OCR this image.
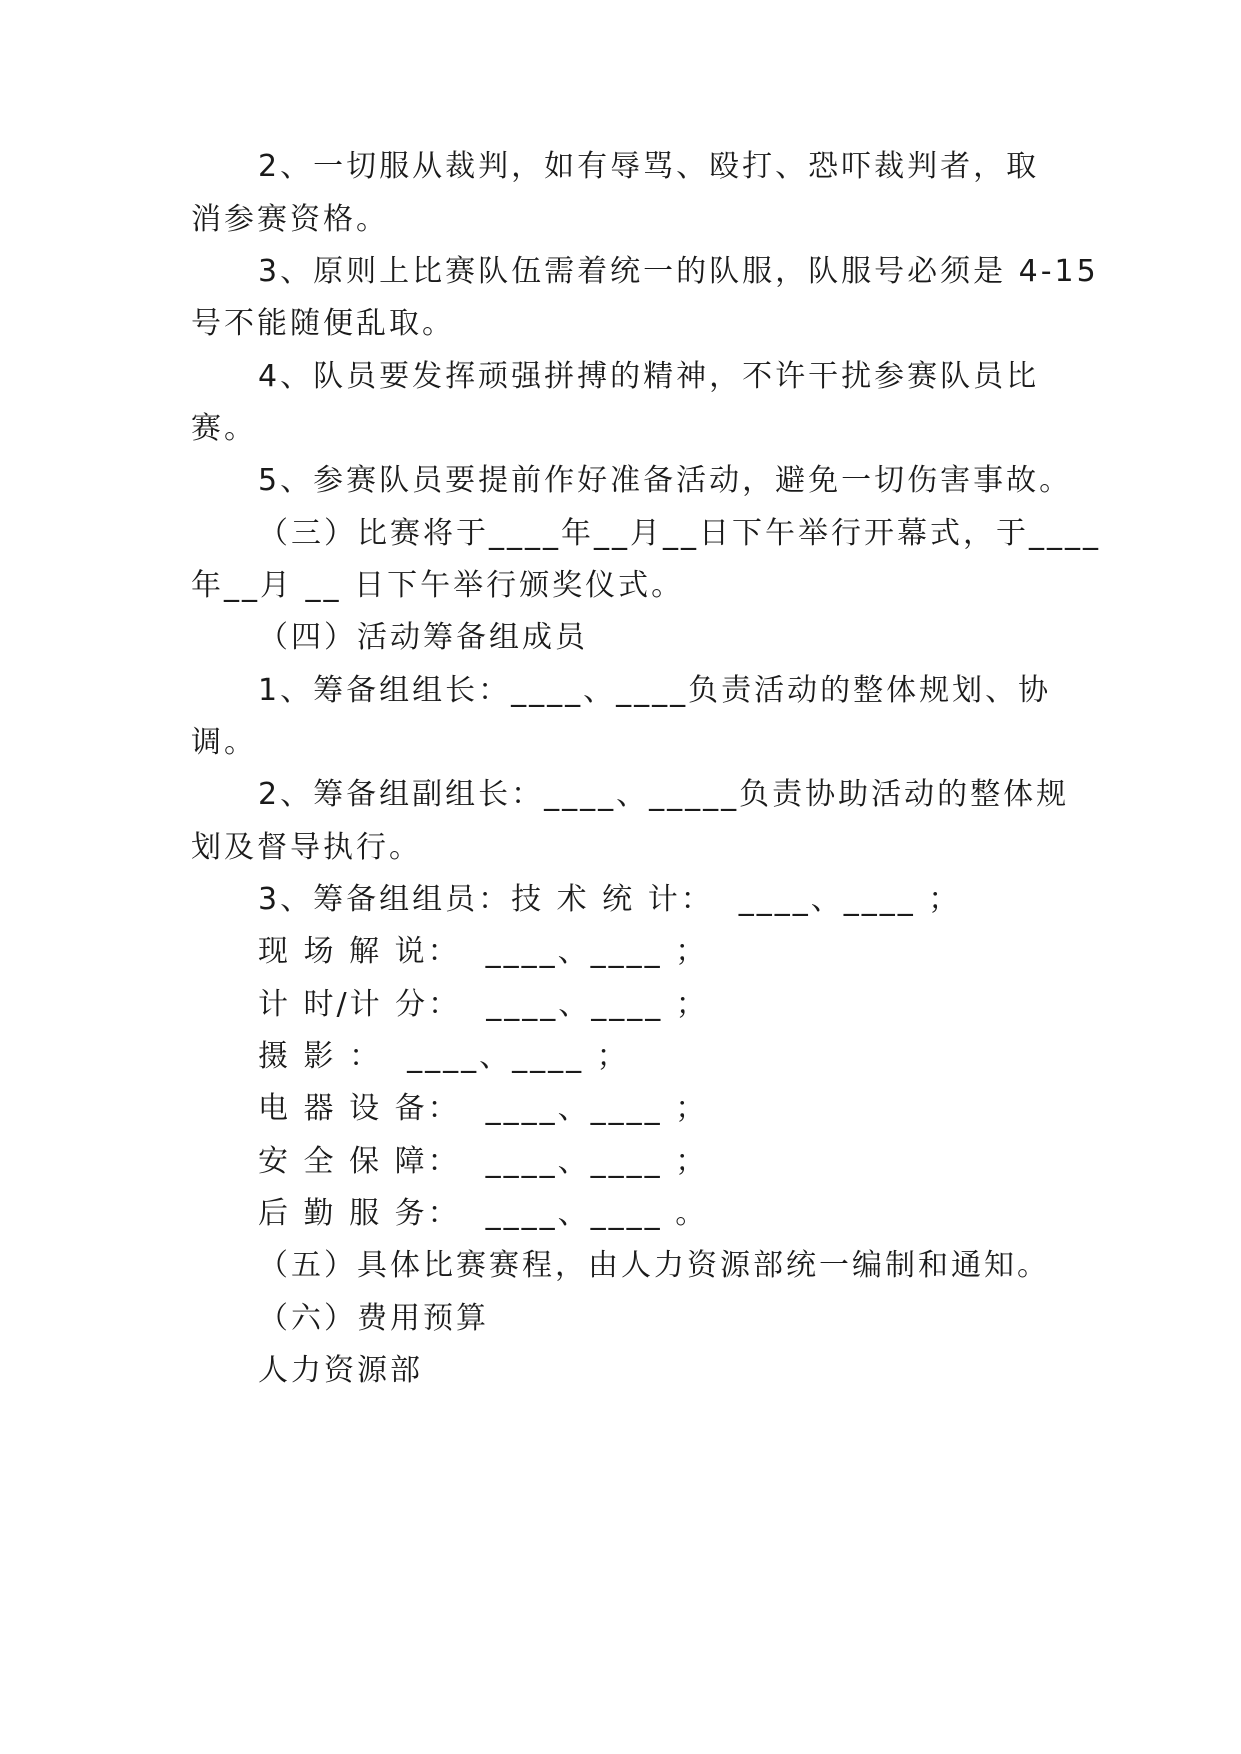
2、一切服从裁判，如有辱骂、殴打、恐吓裁判者，取
消参赛资格。
3、原则上比赛队伍需着统一的队服，队服号必须是 4-15
号不能随便乱取。
4、队员要发挥顽强拼搏的精神，不许干扰参赛队员比
赛。
5、参赛队员要提前作好准备活动，避免一切伤害事故。
（三）比赛将于____年__月__日下午举行开幕式，于____
年__月 __ 日下午举行颁奖仪式。
（四）活动筹备组成员
1、筹备组组长：____、____负责活动的整体规划、协
调。
2、筹备组副组长：____、_____负责协助活动的整体规
划及督导执行。
3、筹备组组员：技 术 统 计：  ____、____ ；
现 场 解 说：  ____、____ ；
计 时/计 分：  ____、____ ；
摄 影 ：  ____、____ ；
电 器 设 备：  ____、____ ；
安 全 保 障：  ____、____ ；
后 勤 服 务：  ____、____ 。
（五）具体比赛赛程，由人力资源部统一编制和通知。
（六）费用预算
人力资源部
